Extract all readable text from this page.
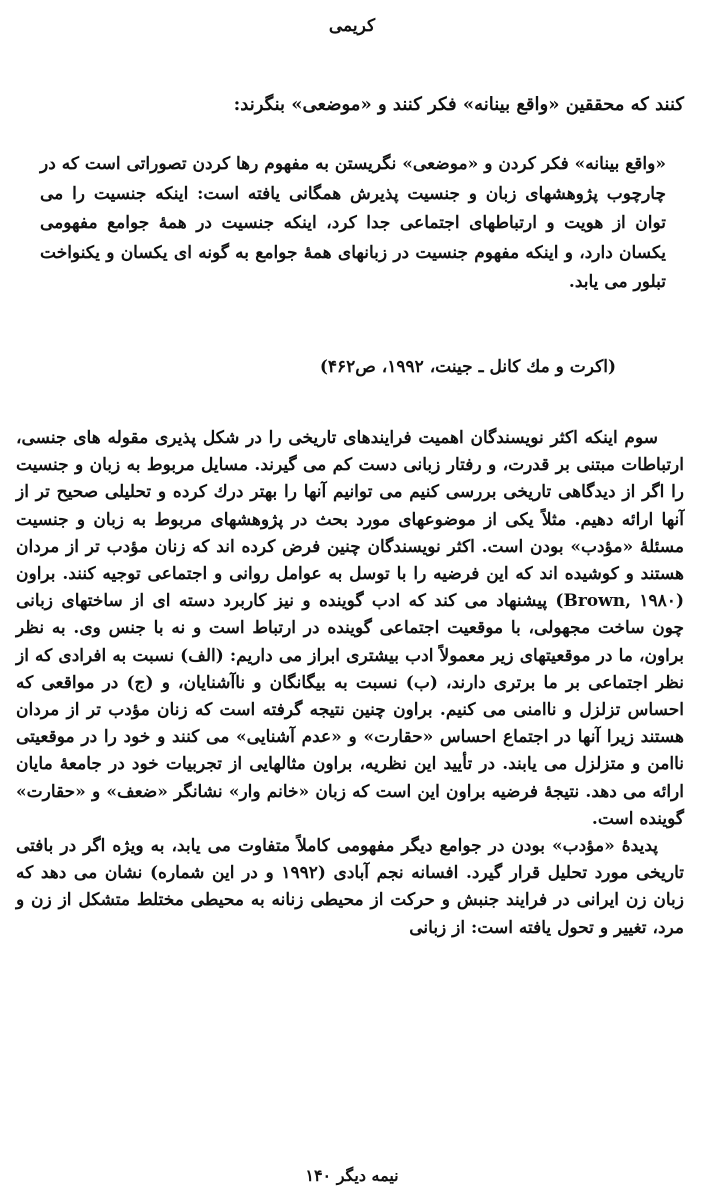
کریمی
کنند که محققین «واقع بینانه» فکر کنند و «موضعی» بنگرند:
«واقع بینانه» فکر کردن و «موضعی» نگریستن به مفهوم رها کردن تصوراتی است که در چارچوب پژوهشهای زبان و جنسیت پذیرش همگانی یافته است: اینکه جنسیت را می توان از هویت و ارتباطهای اجتماعی جدا کرد، اینکه جنسیت در همهٔ جوامع مفهومی یکسان دارد، و اینکه مفهوم جنسیت در زبانهای همهٔ جوامع به گونه ای یکسان و یکنواخت تبلور می یابد.
(اکرت و مك کانل ـ جینت، ۱۹۹۲، ص۴۶۲)

سوم اینکه اکثر نویسندگان اهمیت فرایندهای تاریخی را در شکل پذیری مقوله های جنسی، ارتباطات مبتنی بر قدرت، و رفتار زبانی دست کم می گیرند. مسایل مربوط به زبان و جنسیت را اگر از دیدگاهی تاریخی بررسی کنیم می توانیم آنها را بهتر درك کرده و تحلیلی صحیح تر از آنها ارائه دهیم. مثلاً یکی از موضوعهای مورد بحث در پژوهشهای مربوط به زبان و جنسیت مسئلهٔ «مؤدب» بودن است. اکثر نویسندگان چنین فرض کرده اند که زنان مؤدب تر از مردان هستند و کوشیده اند که این فرضیه را با توسل به عوامل روانی و اجتماعی توجیه کنند. براون (Brown, ۱۹۸۰) پیشنهاد می کند که ادب گوینده و نیز کاربرد دسته ای از ساختهای زبانی چون ساخت مجهولی، با موقعیت اجتماعی گوینده در ارتباط است و نه با جنس وی. به نظر براون، ما در موقعیتهای زیر معمولاً ادب بیشتری ابراز می داریم: (الف) نسبت به افرادی که از نظر اجتماعی بر ما برتری دارند، (ب) نسبت به بیگانگان و ناآشنایان، و (ج) در مواقعی که احساس تزلزل و ناامنی می کنیم. براون چنین نتیجه گرفته است که زنان مؤدب تر از مردان هستند زیرا آنها در اجتماع احساس «حقارت» و «عدم آشنایی» می کنند و خود را در موقعیتی ناامن و متزلزل می یابند. در تأیید این نظریه، براون مثالهایی از تجربیات خود در جامعهٔ مایان ارائه می دهد. نتیجهٔ فرضیه براون این است که زبان «خانم وار» نشانگر «ضعف» و «حقارت» گوینده است.

پدیدهٔ «مؤدب» بودن در جوامع دیگر مفهومی کاملاً متفاوت می یابد، به ویژه اگر در بافتی تاریخی مورد تحلیل قرار گیرد. افسانه نجم آبادی (۱۹۹۲ و در این شماره) نشان می دهد که زبان زن ایرانی در فرایند جنبش و حرکت از محیطی زنانه به محیطی مختلط متشکل از زن و مرد، تغییر و تحول یافته است: از زبانی

نیمه دیگر ۱۴۰
